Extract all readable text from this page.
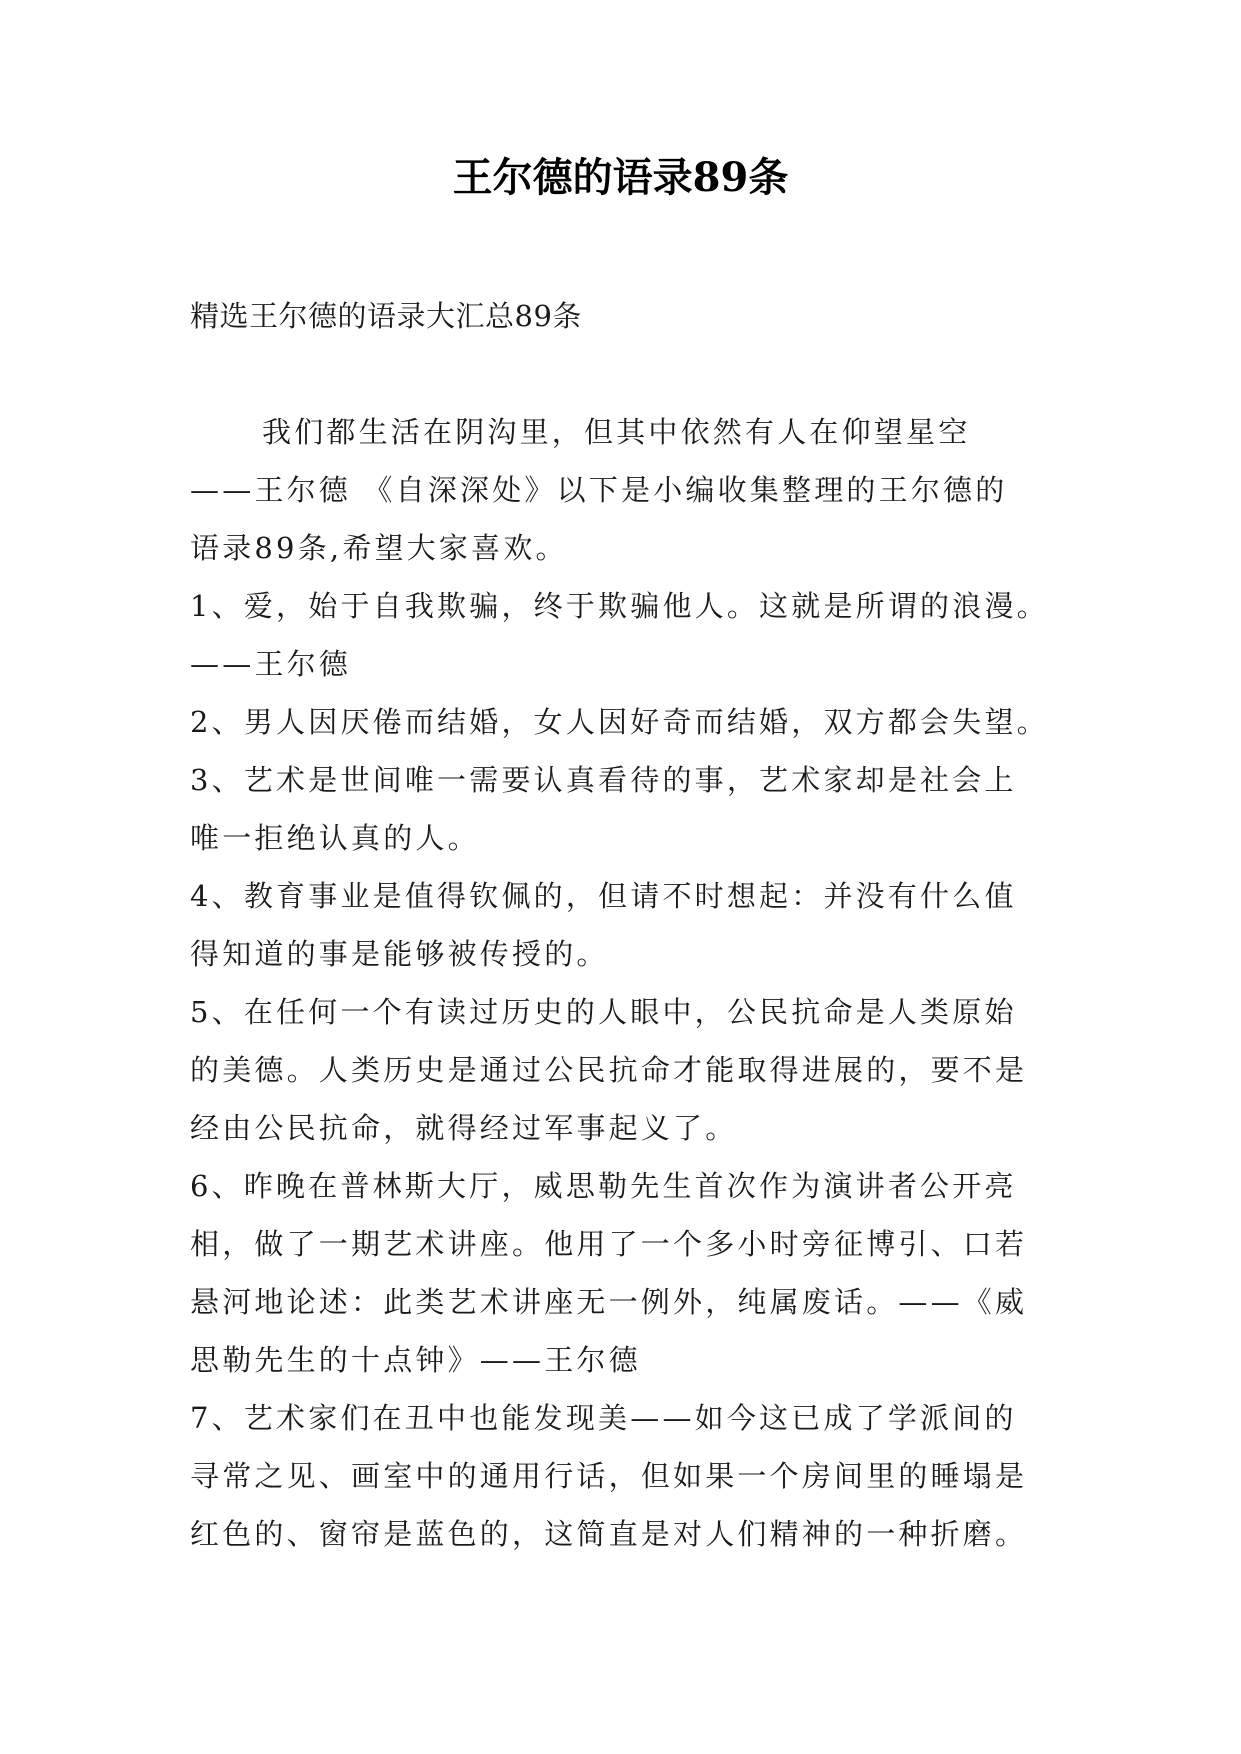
王尔德的语录89条
精选王尔德的语录大汇总89条
我们都生活在阴沟里，但其中依然有人在仰望星空
——王尔德 《自深深处》以下是小编收集整理的王尔德的
语录89条,希望大家喜欢。
1、爱，始于自我欺骗，终于欺骗他人。这就是所谓的浪漫。
——王尔德
2、男人因厌倦而结婚，女人因好奇而结婚，双方都会失望。
3、艺术是世间唯一需要认真看待的事，艺术家却是社会上
唯一拒绝认真的人。
4、教育事业是值得钦佩的，但请不时想起：并没有什么值
得知道的事是能够被传授的。
5、在任何一个有读过历史的人眼中，公民抗命是人类原始
的美德。人类历史是通过公民抗命才能取得进展的，要不是
经由公民抗命，就得经过军事起义了。
6、昨晚在普林斯大厅，威思勒先生首次作为演讲者公开亮
相，做了一期艺术讲座。他用了一个多小时旁征博引、口若
悬河地论述：此类艺术讲座无一例外，纯属废话。——《威
思勒先生的十点钟》——王尔德
7、艺术家们在丑中也能发现美——如今这已成了学派间的
寻常之见、画室中的通用行话，但如果一个房间里的睡塌是
红色的、窗帘是蓝色的，这简直是对人们精神的一种折磨。
